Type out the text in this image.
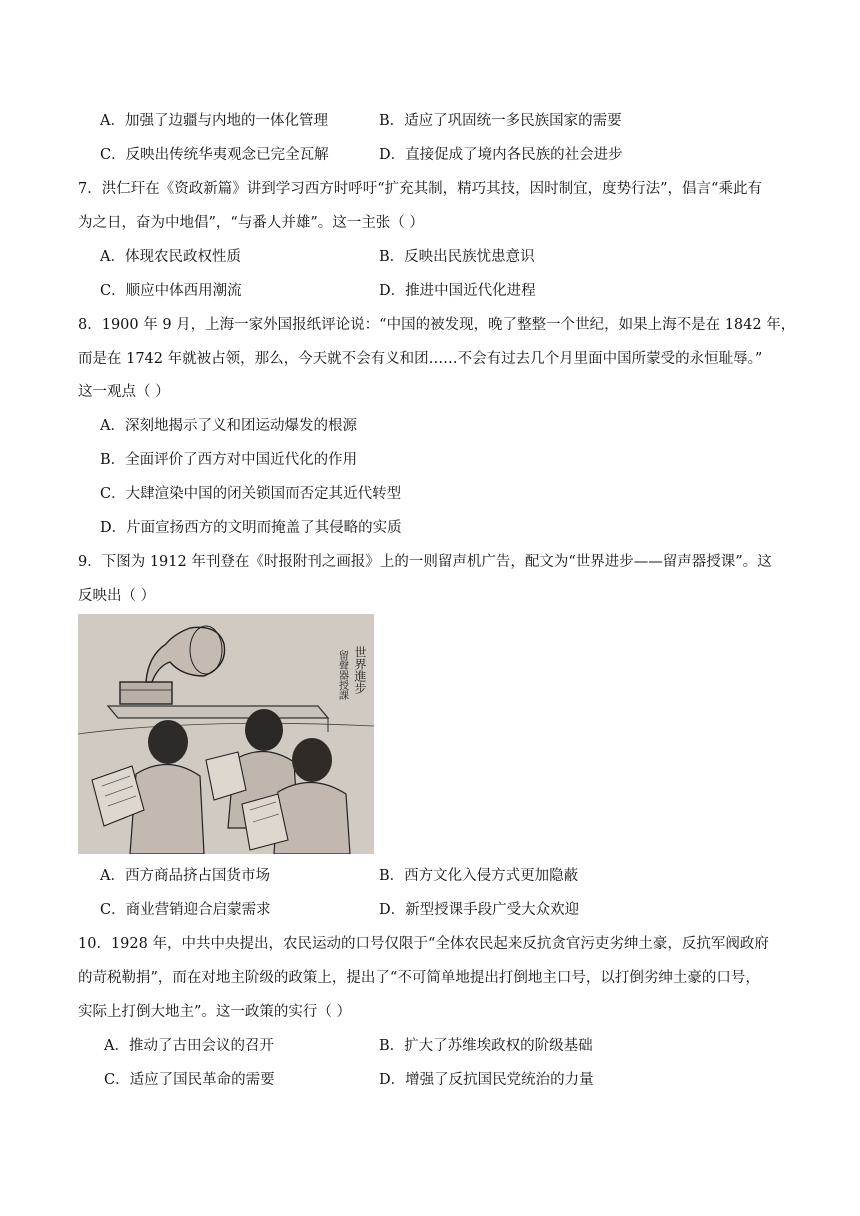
A．加强了边疆与内地的一体化管理	B．适应了巩固统一多民族国家的需要
C．反映出传统华夷观念已完全瓦解	D．直接促成了境内各民族的社会进步
7．洪仁玕在《资政新篇》讲到学习西方时呼吁“扩充其制，精巧其技，因时制宜，度势行法”，倡言“乘此有
为之日，奋为中地倡”，“与番人并雄”。这一主张（ ）
A．体现农民政权性质	B．反映出民族忧患意识
C．顺应中体西用潮流	D．推进中国近代化进程
8．1900 年 9 月，上海一家外国报纸评论说：“中国的被发现，晚了整整一个世纪，如果上海不是在 1842 年，
而是在 1742 年就被占领，那么，今天就不会有义和团……不会有过去几个月里面中国所蒙受的永恒耻辱。”
这一观点（ ）
A．深刻地揭示了义和团运动爆发的根源
B．全面评价了西方对中国近代化的作用
C．大肆渲染中国的闭关锁国而否定其近代转型
D．片面宣扬西方的文明而掩盖了其侵略的实质
9．下图为 1912 年刊登在《时报附刊之画报》上的一则留声机广告，配文为“世界进步——留声器授课”。这
反映出（ ）
世界進步
留聲器授課
A．西方商品挤占国货市场	B．西方文化入侵方式更加隐蔽
C．商业营销迎合启蒙需求	D．新型授课手段广受大众欢迎
10．1928 年，中共中央提出，农民运动的口号仅限于“全体农民起来反抗贪官污吏劣绅土豪，反抗军阀政府
的苛税勒捐”，而在对地主阶级的政策上，提出了“不可简单地提出打倒地主口号，以打倒劣绅土豪的口号，
实际上打倒大地主”。这一政策的实行（ ）
A．推动了古田会议的召开	B．扩大了苏维埃政权的阶级基础
C．适应了国民革命的需要	D．增强了反抗国民党统治的力量
